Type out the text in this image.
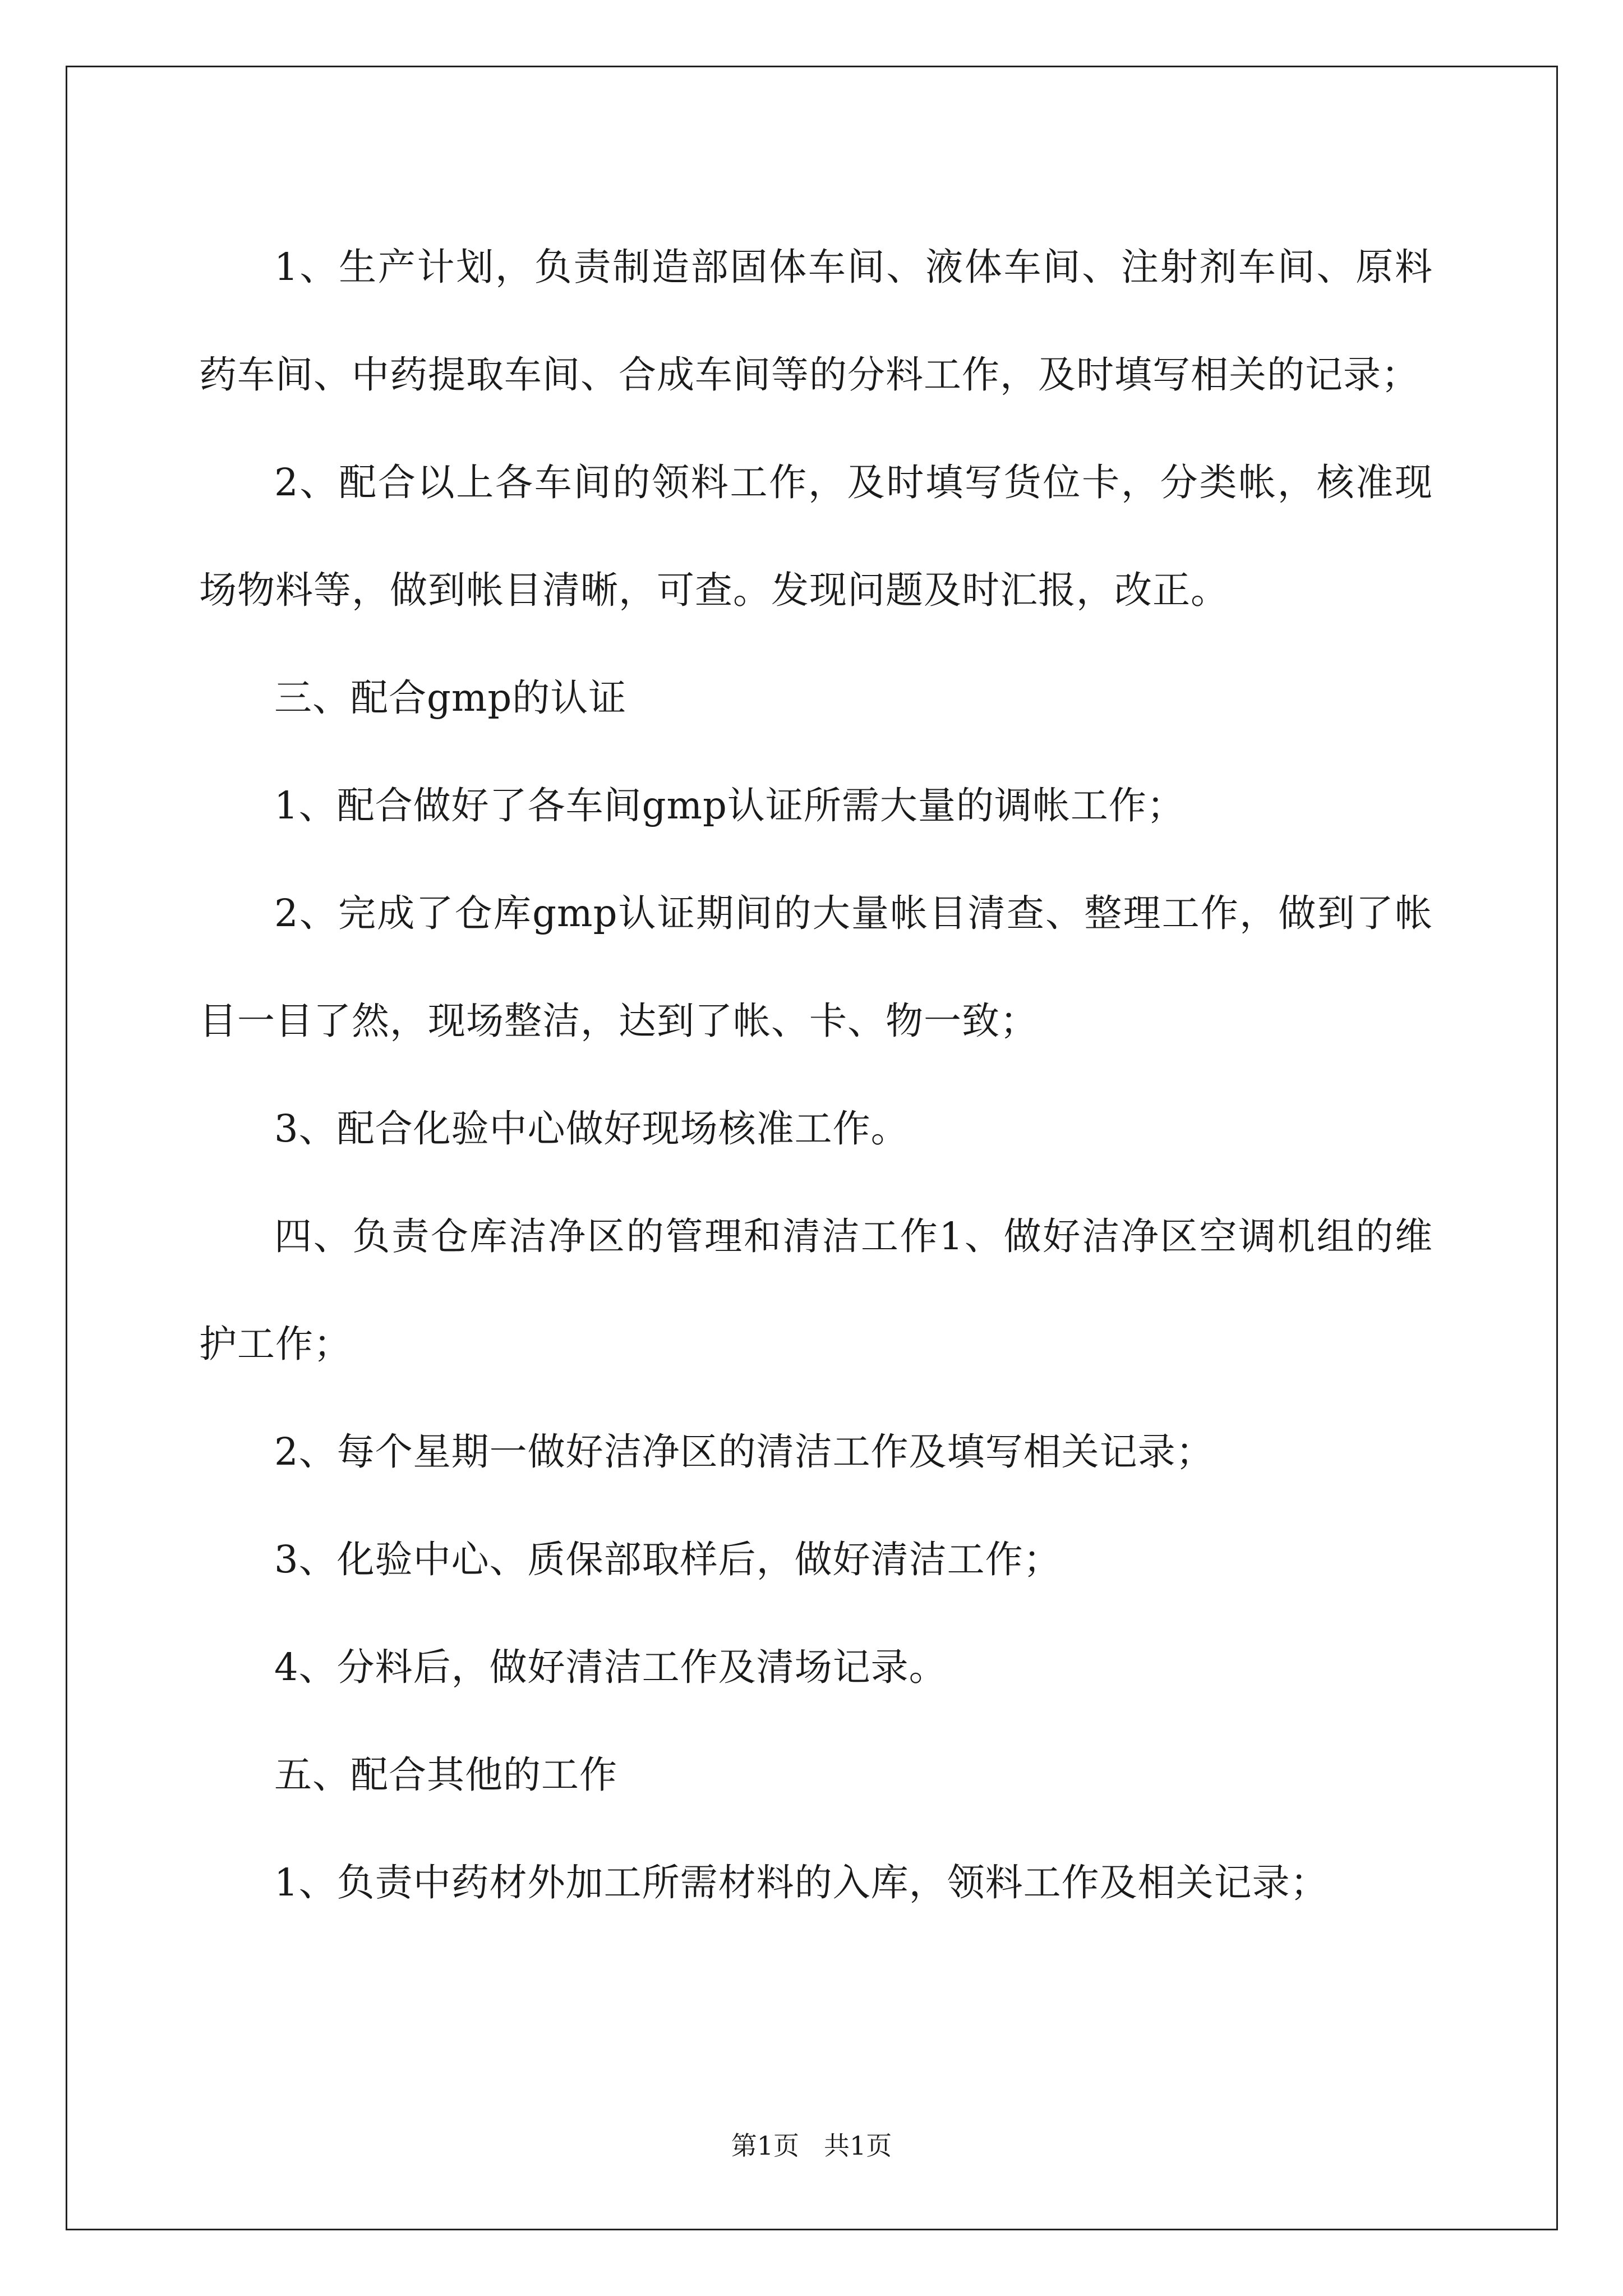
1、生产计划，负责制造部固体车间、液体车间、注射剂车间、原料药车间、中药提取车间、合成车间等的分料工作，及时填写相关的记录；

2、配合以上各车间的领料工作，及时填写货位卡，分类帐，核准现场物料等，做到帐目清晰，可查。发现问题及时汇报，改正。

三、配合gmp的认证

1、配合做好了各车间gmp认证所需大量的调帐工作；

2、完成了仓库gmp认证期间的大量帐目清查、整理工作，做到了帐目一目了然，现场整洁，达到了帐、卡、物一致；

3、配合化验中心做好现场核准工作。

四、负责仓库洁净区的管理和清洁工作1、做好洁净区空调机组的维护工作；

2、每个星期一做好洁净区的清洁工作及填写相关记录；

3、化验中心、质保部取样后，做好清洁工作；

4、分料后，做好清洁工作及清场记录。

五、配合其他的工作

1、负责中药材外加工所需材料的入库，领料工作及相关记录；

第1页 共1页
